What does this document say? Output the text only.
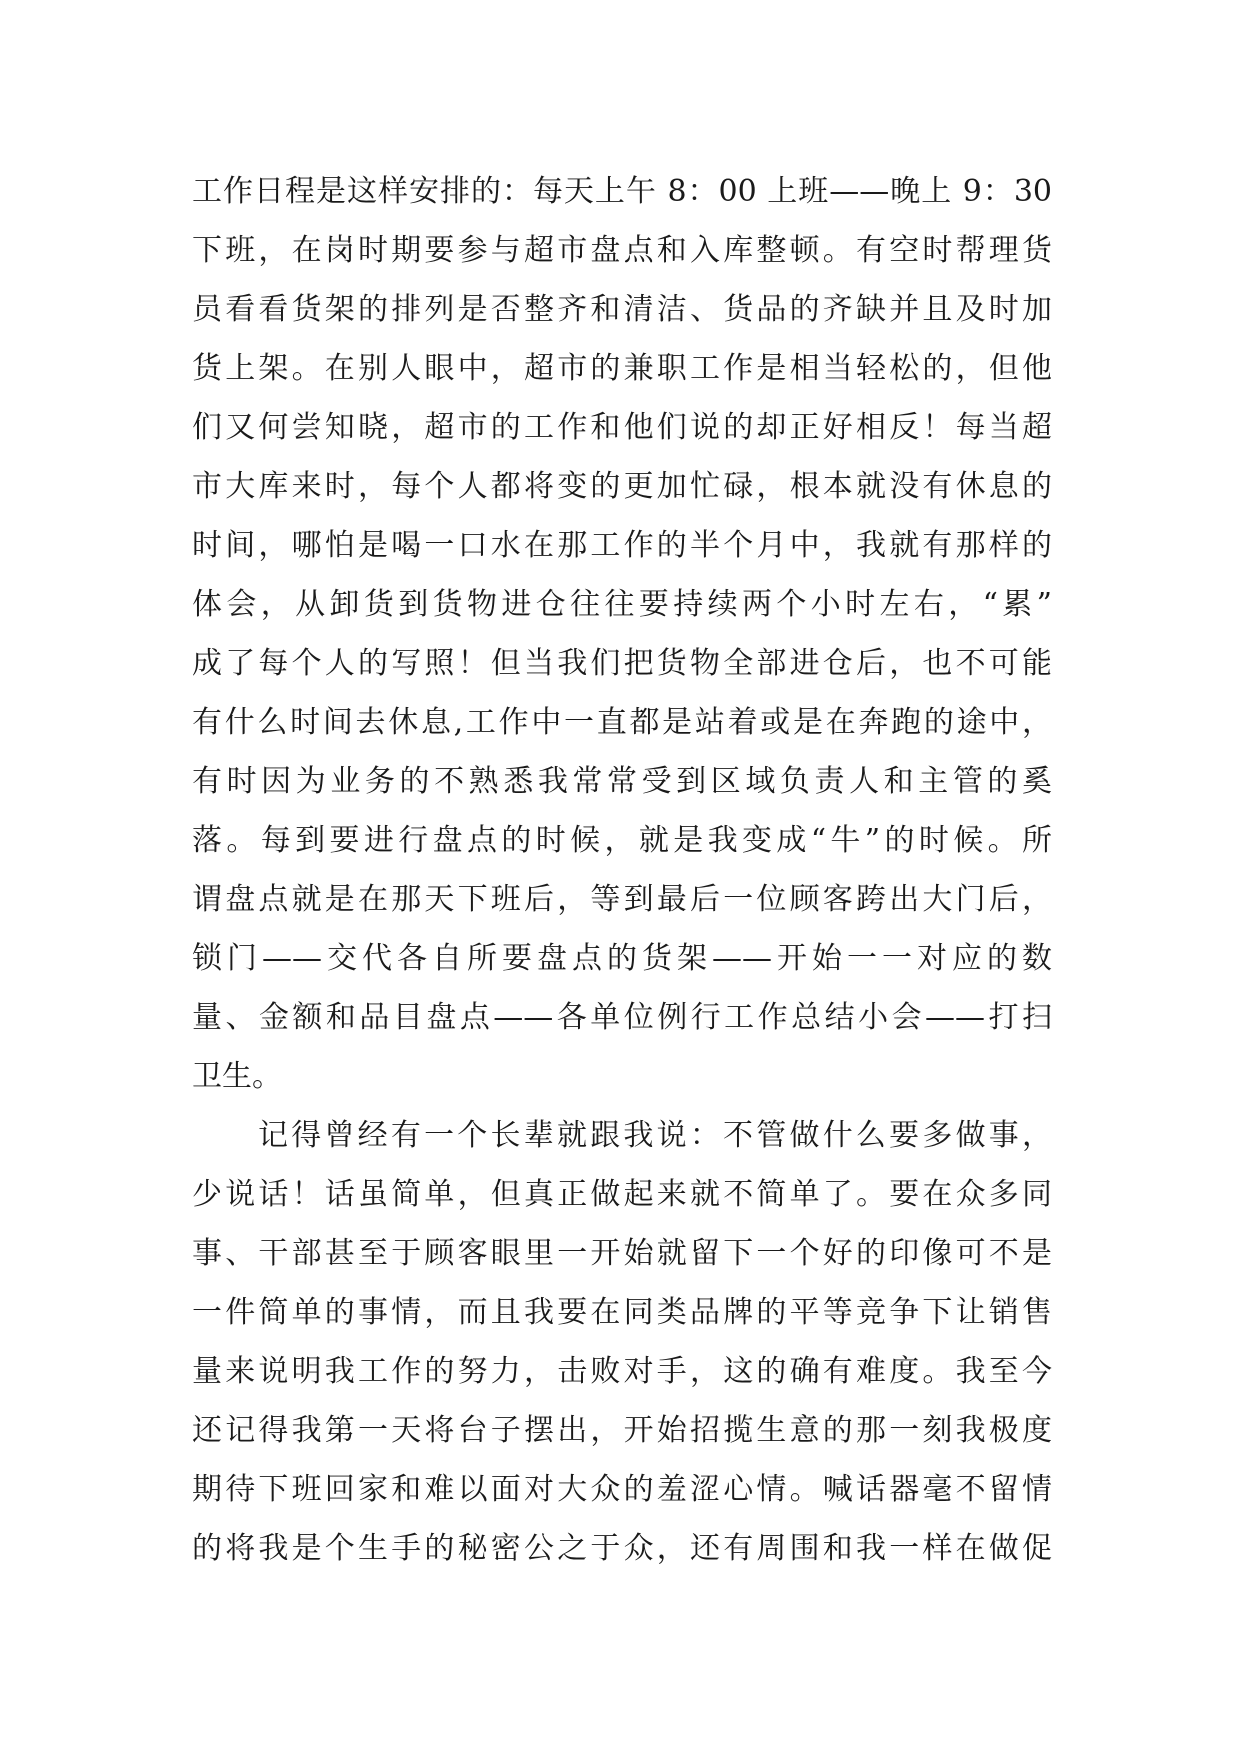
工作日程是这样安排的：每天上午 8：00 上班——晚上 9：30
下班，在岗时期要参与超市盘点和入库整顿。有空时帮理货
员看看货架的排列是否整齐和清洁、货品的齐缺并且及时加
货上架。在别人眼中，超市的兼职工作是相当轻松的，但他
们又何尝知晓，超市的工作和他们说的却正好相反！每当超
市大库来时，每个人都将变的更加忙碌，根本就没有休息的
时间，哪怕是喝一口水在那工作的半个月中，我就有那样的
体会，从卸货到货物进仓往往要持续两个小时左右，“累”
成了每个人的写照！但当我们把货物全部进仓后，也不可能
有什么时间去休息,工作中一直都是站着或是在奔跑的途中，
有时因为业务的不熟悉我常常受到区域负责人和主管的奚
落。每到要进行盘点的时候，就是我变成“牛”的时候。所
谓盘点就是在那天下班后，等到最后一位顾客跨出大门后，
锁门——交代各自所要盘点的货架——开始一一对应的数
量、金额和品目盘点——各单位例行工作总结小会——打扫
卫生。
记得曾经有一个长辈就跟我说：不管做什么要多做事，
少说话！话虽简单，但真正做起来就不简单了。要在众多同
事、干部甚至于顾客眼里一开始就留下一个好的印像可不是
一件简单的事情，而且我要在同类品牌的平等竞争下让销售
量来说明我工作的努力，击败对手，这的确有难度。我至今
还记得我第一天将台子摆出，开始招揽生意的那一刻我极度
期待下班回家和难以面对大众的羞涩心情。喊话器毫不留情
的将我是个生手的秘密公之于众，还有周围和我一样在做促
